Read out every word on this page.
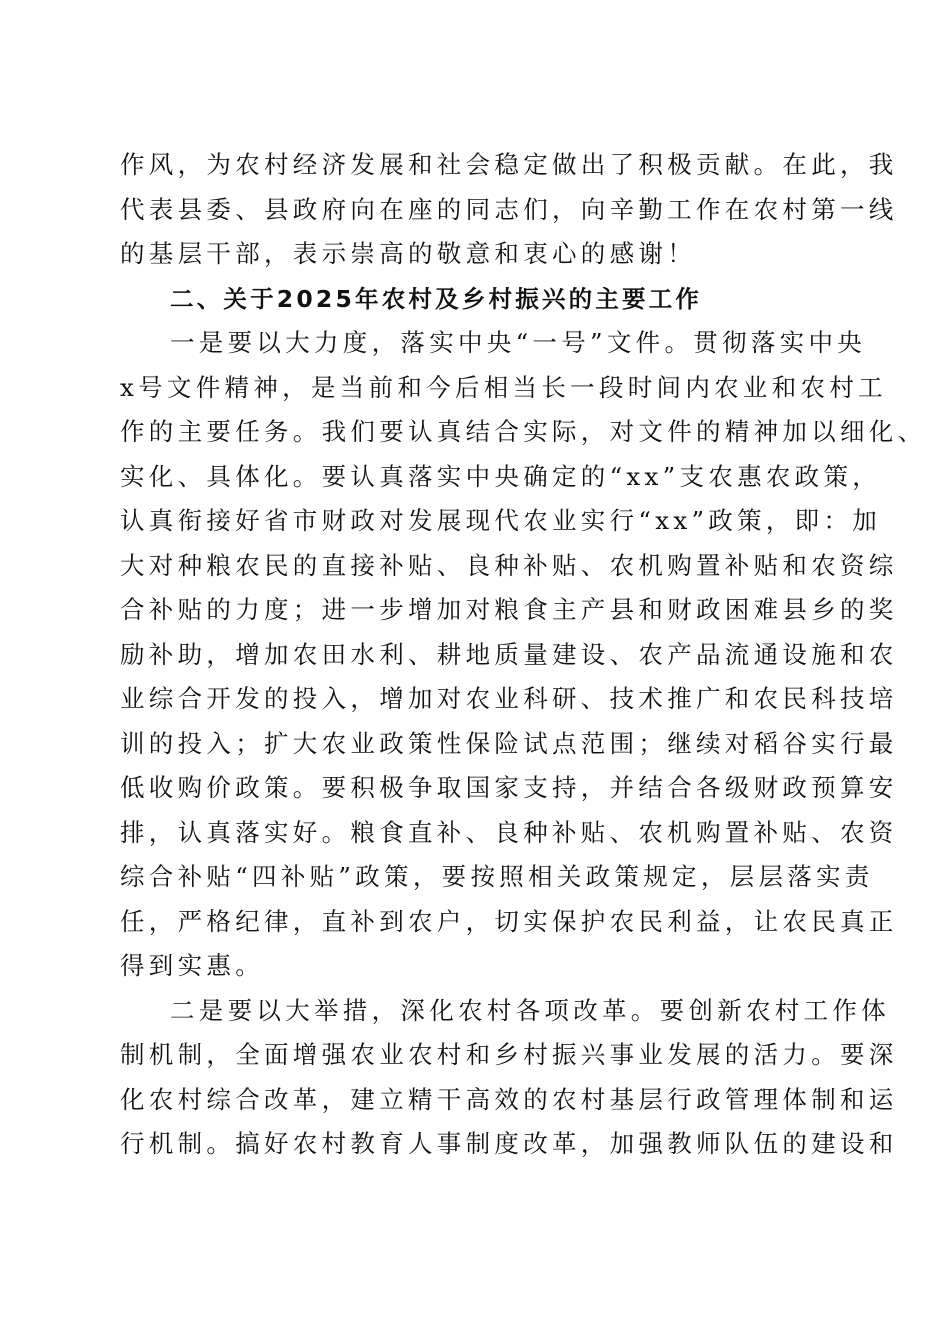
作风，为农村经济发展和社会稳定做出了积极贡献。在此，我
代表县委、县政府向在座的同志们，向辛勤工作在农村第一线
的基层干部，表示崇高的敬意和衷心的感谢！
二、关于2025年农村及乡村振兴的主要工作
一是要以大力度，落实中央“一号”文件。贯彻落实中央
x号文件精神，是当前和今后相当长一段时间内农业和农村工
作的主要任务。我们要认真结合实际，对文件的精神加以细化、
实化、具体化。要认真落实中央确定的“xx”支农惠农政策，
认真衔接好省市财政对发展现代农业实行“xx”政策，即：加
大对种粮农民的直接补贴、良种补贴、农机购置补贴和农资综
合补贴的力度；进一步增加对粮食主产县和财政困难县乡的奖
励补助，增加农田水利、耕地质量建设、农产品流通设施和农
业综合开发的投入，增加对农业科研、技术推广和农民科技培
训的投入；扩大农业政策性保险试点范围；继续对稻谷实行最
低收购价政策。要积极争取国家支持，并结合各级财政预算安
排，认真落实好。粮食直补、良种补贴、农机购置补贴、农资
综合补贴“四补贴”政策，要按照相关政策规定，层层落实责
任，严格纪律，直补到农户，切实保护农民利益，让农民真正
得到实惠。
二是要以大举措，深化农村各项改革。要创新农村工作体
制机制，全面增强农业农村和乡村振兴事业发展的活力。要深
化农村综合改革，建立精干高效的农村基层行政管理体制和运
行机制。搞好农村教育人事制度改革，加强教师队伍的建设和
